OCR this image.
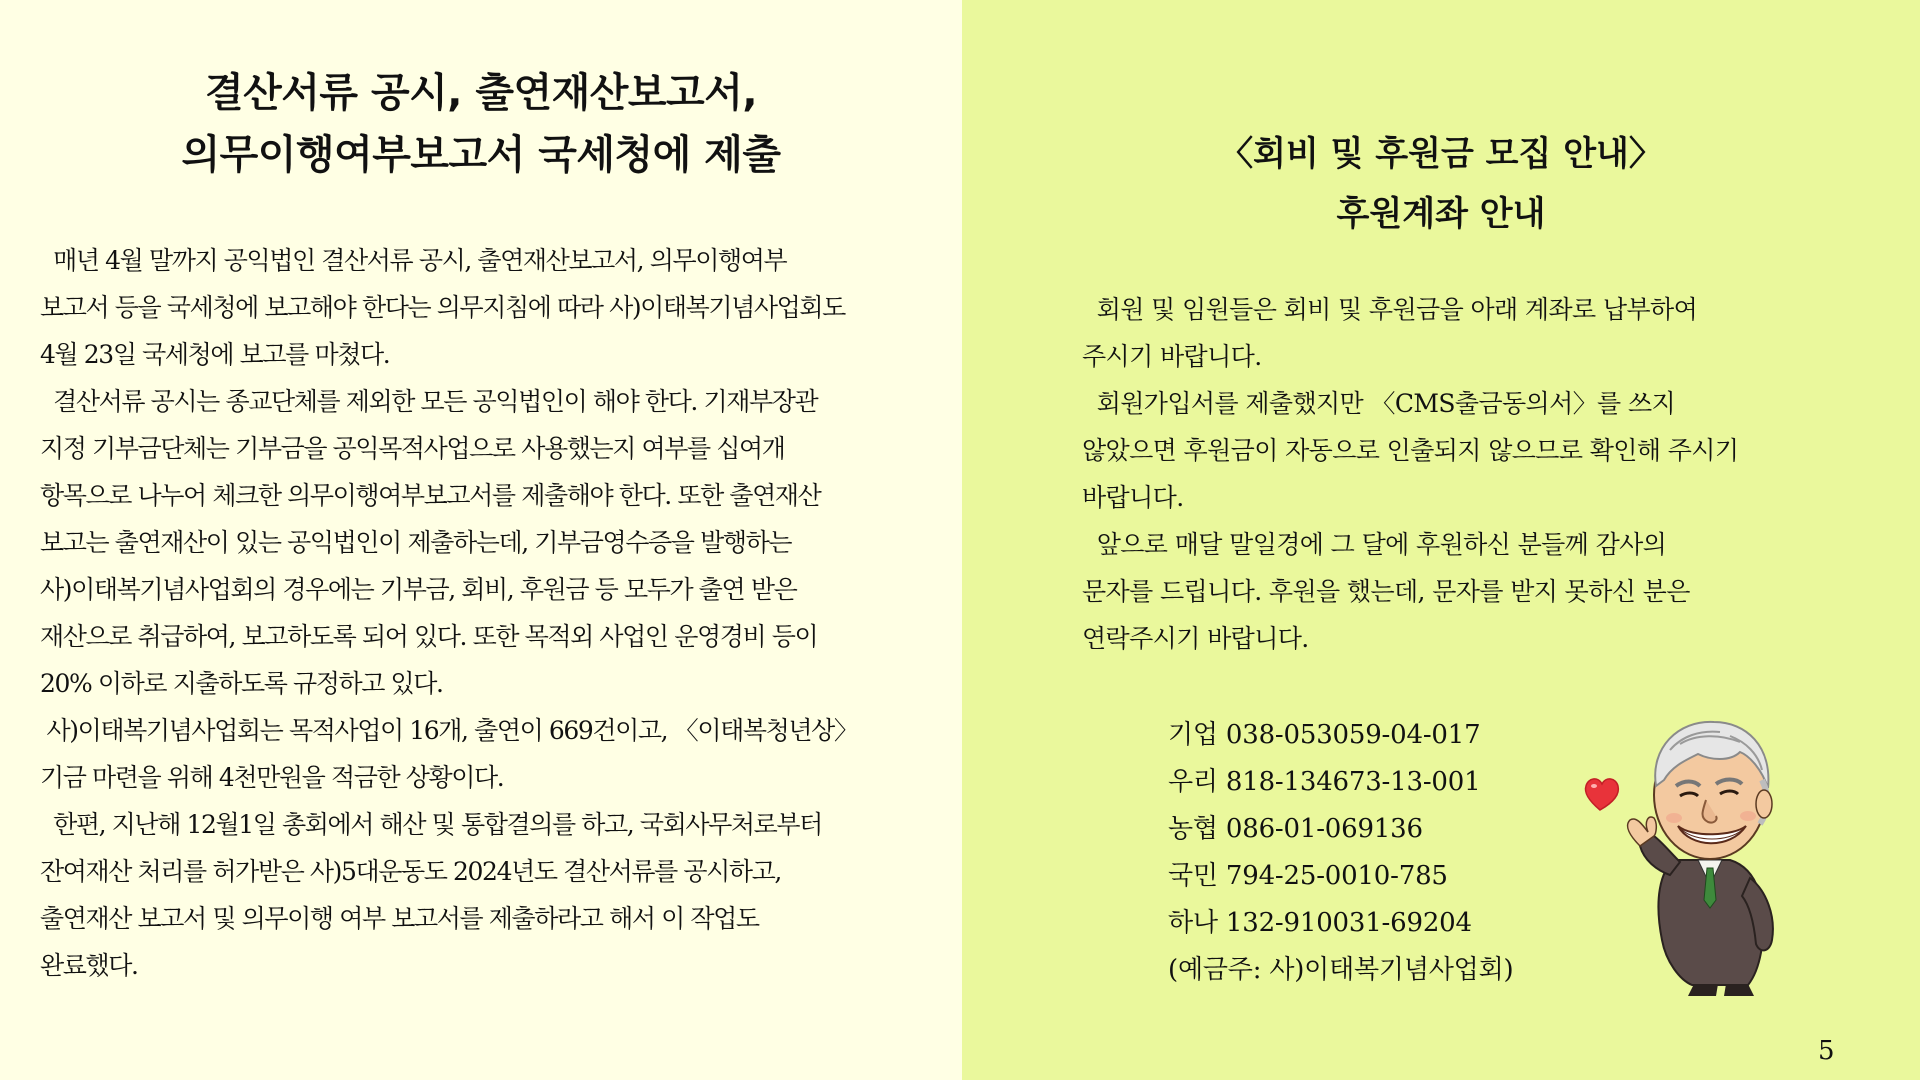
결산서류 공시, 출연재산보고서,
의무이행여부보고서 국세청에 제출
매년 4월 말까지 공익법인 결산서류 공시, 출연재산보고서, 의무이행여부
보고서 등을 국세청에 보고해야 한다는 의무지침에 따라 사)이태복기념사업회도
4월 23일 국세청에 보고를 마쳤다.
결산서류 공시는 종교단체를 제외한 모든 공익법인이 해야 한다. 기재부장관
지정 기부금단체는 기부금을 공익목적사업으로 사용했는지 여부를 십여개
항목으로 나누어 체크한 의무이행여부보고서를 제출해야 한다. 또한 출연재산
보고는 출연재산이 있는 공익법인이 제출하는데, 기부금영수증을 발행하는
사)이태복기념사업회의 경우에는 기부금, 회비, 후원금 등 모두가 출연 받은
재산으로 취급하여, 보고하도록 되어 있다. 또한 목적외 사업인 운영경비 등이
20% 이하로 지출하도록 규정하고 있다.
사)이태복기념사업회는 목적사업이 16개, 출연이 669건이고, 〈이태복청년상〉
기금 마련을 위해 4천만원을 적금한 상황이다.
한편, 지난해 12월1일 총회에서 해산 및 통합결의를 하고, 국회사무처로부터
잔여재산 처리를 허가받은 사)5대운동도 2024년도 결산서류를 공시하고,
출연재산 보고서 및 의무이행 여부 보고서를 제출하라고 해서 이 작업도
완료했다.
〈회비 및 후원금 모집 안내〉
후원계좌 안내
회원 및 임원들은 회비 및 후원금을 아래 계좌로 납부하여
주시기 바랍니다.
회원가입서를 제출했지만 〈CMS출금동의서〉를 쓰지
않았으면 후원금이 자동으로 인출되지 않으므로 확인해 주시기
바랍니다.
앞으로 매달 말일경에 그 달에 후원하신 분들께 감사의
문자를 드립니다. 후원을 했는데, 문자를 받지 못하신 분은
연락주시기 바랍니다.
기업 038-053059-04-017
우리 818-134673-13-001
농협 086-01-069136
국민 794-25-0010-785
하나 132-910031-69204
(예금주: 사)이태복기념사업회)
5
